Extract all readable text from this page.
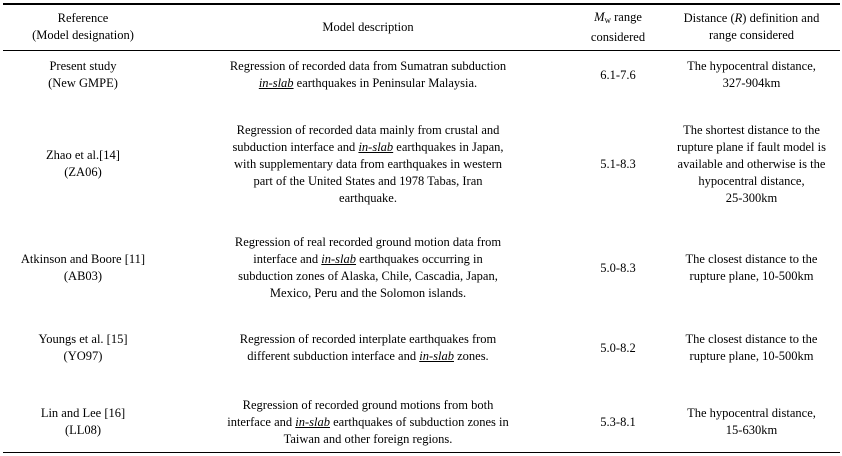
Reference
(Model designation)
Model description
$M_w$ range
considered
Distance (R) definition and
range considered
Present study
(New GMPE)
Regression of recorded data from Sumatran subduction
in-slab earthquakes in Peninsular Malaysia.
6.1-7.6
The hypocentral distance,
327-904km
Zhao et al.[14]
(ZA06)
Regression of recorded data mainly from crustal and
subduction interface and in-slab earthquakes in Japan,
with supplementary data from earthquakes in western
part of the United States and 1978 Tabas, Iran
earthquake.
5.1-8.3
The shortest distance to the
rupture plane if fault model is
available and otherwise is the
hypocentral distance,
25-300km
Atkinson and Boore [11]
(AB03)
Regression of real recorded ground motion data from
interface and in-slab earthquakes occurring in
subduction zones of Alaska, Chile, Cascadia, Japan,
Mexico, Peru and the Solomon islands.
5.0-8.3
The closest distance to the
rupture plane, 10-500km
Youngs et al. [15]
(YO97)
Regression of recorded interplate earthquakes from
different subduction interface and in-slab zones.
5.0-8.2
The closest distance to the
rupture plane, 10-500km
Lin and Lee [16]
(LL08)
Regression of recorded ground motions from both
interface and in-slab earthquakes of subduction zones in
Taiwan and other foreign regions.
5.3-8.1
The hypocentral distance,
15-630km
